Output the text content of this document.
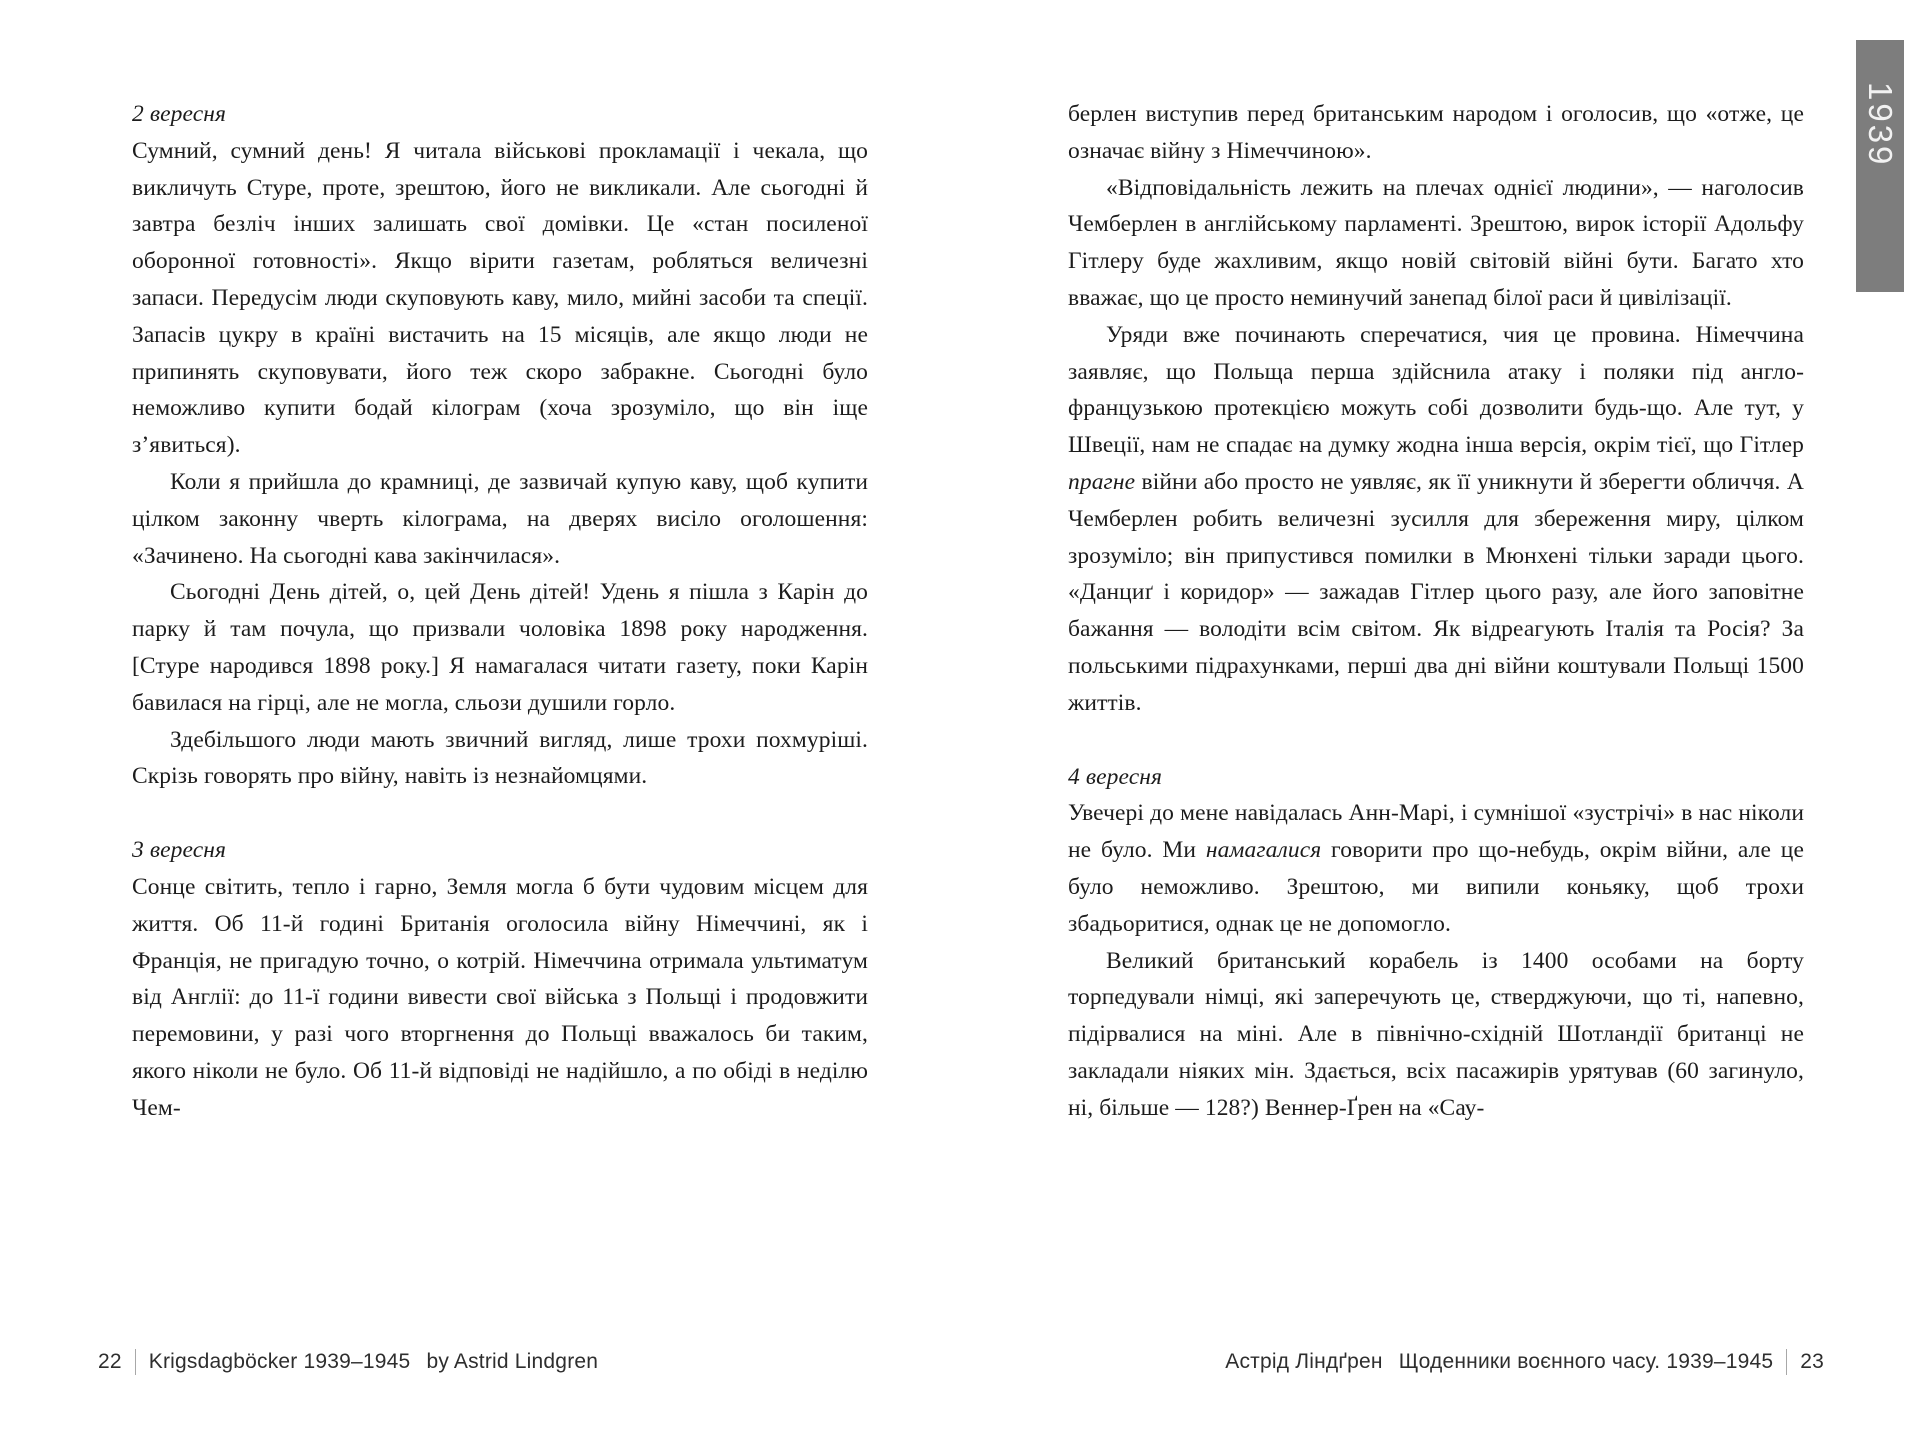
2 вересня

Сумний, сумний день! Я читала військові прокламації і чекала, що викличуть Стуре, проте, зрештою, його не викликали. Але сьогодні й завтра безліч інших залишать свої домівки. Це «стан посиленої оборонної готовності». Якщо вірити газетам, робляться величезні запаси. Передусім люди скуповують каву, мило, мийні засоби та спеції. Запасів цукру в країні вистачить на 15 місяців, але якщо люди не припинять скуповувати, його теж скоро забракне. Сьогодні було неможливо купити бодай кілограм (хоча зрозуміло, що він іще з’явиться).

Коли я прийшла до крамниці, де зазвичай купую каву, щоб купити цілком законну чверть кілограма, на дверях висіло оголошення: «Зачинено. На сьогодні кава закінчилася».

Сьогодні День дітей, о, цей День дітей! Удень я пішла з Карін до парку й там почула, що призвали чоловіка 1898 року народження. [Стуре народився 1898 року.] Я намагалася читати газету, поки Карін бавилася на гірці, але не могла, сльози душили горло.

Здебільшого люди мають звичний вигляд, лише трохи похмуріші. Скрізь говорять про війну, навіть із незнайомцями.

3 вересня

Сонце світить, тепло і гарно, Земля могла б бути чудовим місцем для життя. Об 11-й годині Британія оголосила війну Німеччині, як і Франція, не пригадую точно, о котрій. Німеччина отримала ультиматум від Англії: до 11-ї години вивести свої війська з Польщі і продовжити перемовини, у разі чого вторгнення до Польщі вважалось би таким, якого ніколи не було. Об 11-й відповіді не надійшло, а по обіді в неділю Чем-

берлен виступив перед британським народом і оголосив, що «отже, це означає війну з Німеччиною».

«Відповідальність лежить на плечах однієї людини», — наголосив Чемберлен в англійському парламенті. Зрештою, вирок історії Адольфу Гітлеру буде жахливим, якщо новій світовій війні бути. Багато хто вважає, що це просто неминучий занепад білої раси й цивілізації.

Уряди вже починають сперечатися, чия це провина. Німеччина заявляє, що Польща перша здійснила атаку і поляки під англо-французькою протекцією можуть собі дозволити будь-що. Але тут, у Швеції, нам не спадає на думку жодна інша версія, окрім тієї, що Гітлер прагне війни або просто не уявляє, як її уникнути й зберегти обличчя. А Чемберлен робить величезні зусилля для збереження миру, цілком зрозуміло; він припустився помилки в Мюнхені тільки заради цього. «Данциґ і коридор» — зажадав Гітлер цього разу, але його заповітне бажання — володіти всім світом. Як відреагують Італія та Росія? За польськими підрахунками, перші два дні війни коштували Польщі 1500 життів.

4 вересня

Увечері до мене навідалась Анн-Марі, і сумнішої «зустрічі» в нас ніколи не було. Ми намагалися говорити про що-небудь, окрім війни, але це було неможливо. Зрештою, ми випили коньяку, щоб трохи збадьоритися, однак це не допомогло.

Великий британський корабель із 1400 особами на борту торпедували німці, які заперечують це, стверджуючи, що ті, напевно, підірвалися на міні. Але в північно-східній Шотландії британці не закладали ніяких мін. Здається, всіх пасажирів урятував (60 загинуло, ні, більше — 128?) Веннер-Ґрен на «Сау-

1939
22 Krigsdagböcker 1939–1945 by Astrid Lindgren	Астрід Ліндґрен Щоденники воєнного часу. 1939–1945 23
